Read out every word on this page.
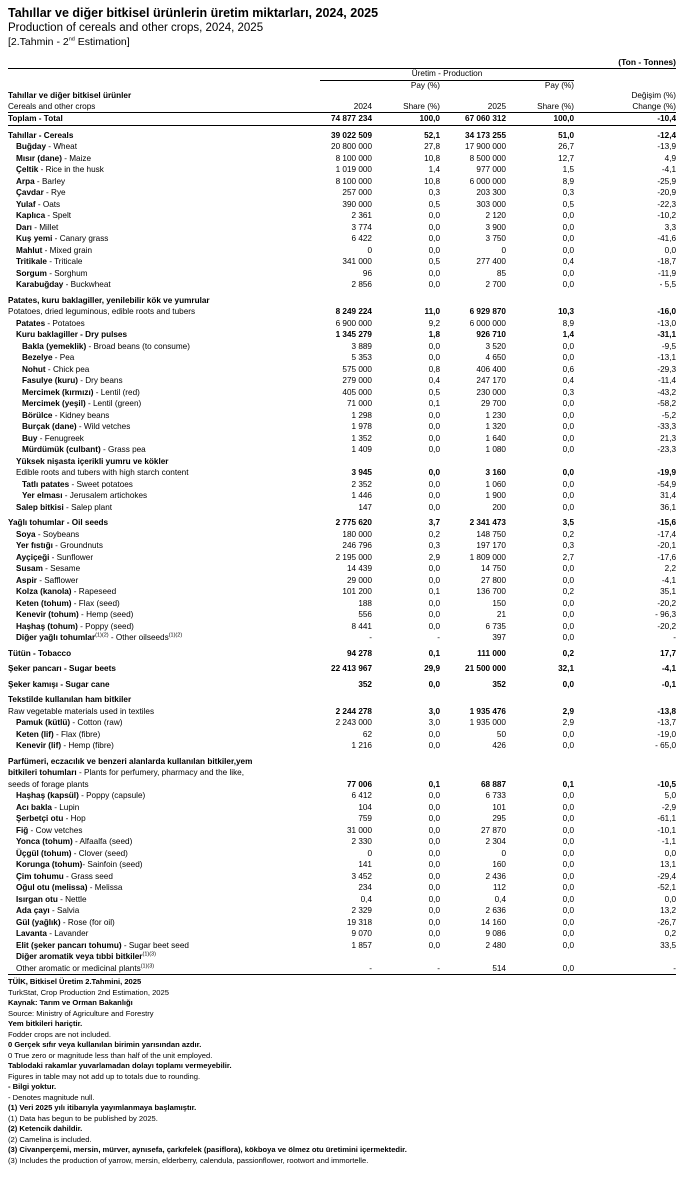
Tahıllar ve diğer bitkisel ürünlerin üretim miktarları, 2024, 2025
Production of cereals and other crops, 2024, 2025
[2.Tahmin - 2nd Estimation]
(Ton - Tonnes)
	Üretim - Production				
		Pay (%)		Pay (%)	
Tahıllar ve diğer bitkisel ürünler					Değişim (%)
Cereals and other crops	2024	Share (%)	2025	Share (%)	Change (%)
Toplam - Total	74 877 234	100,0	67 060 312	100,0	-10,4

Tahıllar - Cereals	39 022 509	52,1	34 173 255	51,0	-12,4
Buğday - Wheat	20 800 000	27,8	17 900 000	26,7	-13,9
Mısır (dane) - Maize	8 100 000	10,8	8 500 000	12,7	4,9
Çeltik - Rice in the husk	1 019 000	1,4	977 000	1,5	-4,1
Arpa - Barley	8 100 000	10,8	6 000 000	8,9	-25,9
Çavdar - Rye	257 000	0,3	203 300	0,3	-20,9
Yulaf - Oats	390 000	0,5	303 000	0,5	-22,3
Kaplıca - Spelt	2 361	0,0	2 120	0,0	-10,2
Darı - Millet	3 774	0,0	3 900	0,0	3,3
Kuş yemi - Canary grass	6 422	0,0	3 750	0,0	-41,6
Mahlut - Mixed grain	0	0,0	0	0,0	0,0
Tritikale - Triticale	341 000	0,5	277 400	0,4	-18,7
Sorgum - Sorghum	96	0,0	85	0,0	-11,9
Karabuğday - Buckwheat	2 856	0,0	2 700	0,0	- 5,5

Patates, kuru baklagiller, yenilebilir kök ve yumrular					
Potatoes, dried leguminous, edible roots and tubers	8 249 224	11,0	6 929 870	10,3	-16,0
Patates - Potatoes	6 900 000	9,2	6 000 000	8,9	-13,0
Kuru baklagiller - Dry pulses	1 345 279	1,8	926 710	1,4	-31,1
Bakla (yemeklik) - Broad beans (to consume)	3 889	0,0	3 520	0,0	-9,5
Bezelye - Pea	5 353	0,0	4 650	0,0	-13,1
Nohut - Chick pea	575 000	0,8	406 400	0,6	-29,3
Fasulye (kuru) - Dry beans	279 000	0,4	247 170	0,4	-11,4
Mercimek (kırmızı) - Lentil (red)	405 000	0,5	230 000	0,3	-43,2
Mercimek (yeşil) - Lentil (green)	71 000	0,1	29 700	0,0	-58,2
Börülce - Kidney beans	1 298	0,0	1 230	0,0	-5,2
Burçak (dane) - Wild vetches	1 978	0,0	1 320	0,0	-33,3
Buy - Fenugreek	1 352	0,0	1 640	0,0	21,3
Mürdümük (culbant) - Grass pea	1 409	0,0	1 080	0,0	-23,3
Yüksek nişasta içerikli yumru ve kökler					
Edible roots and tubers with high starch content	3 945	0,0	3 160	0,0	-19,9
Tatlı patates - Sweet potatoes	2 352	0,0	1 060	0,0	-54,9
Yer elması - Jerusalem artichokes	1 446	0,0	1 900	0,0	31,4
Salep bitkisi - Salep plant	147	0,0	200	0,0	36,1

Yağlı tohumlar - Oil seeds	2 775 620	3,7	2 341 473	3,5	-15,6
Soya - Soybeans	180 000	0,2	148 750	0,2	-17,4
Yer fıstığı - Groundnuts	246 796	0,3	197 170	0,3	-20,1
Ayçiçeği - Sunflower	2 195 000	2,9	1 809 000	2,7	-17,6
Susam - Sesame	14 439	0,0	14 750	0,0	2,2
Aspir - Safflower	29 000	0,0	27 800	0,0	-4,1
Kolza (kanola) - Rapeseed	101 200	0,1	136 700	0,2	35,1
Keten (tohum) - Flax (seed)	188	0,0	150	0,0	-20,2
Kenevir (tohum) - Hemp (seed)	556	0,0	21	0,0	- 96,3
Haşhaş (tohum) - Poppy (seed)	8 441	0,0	6 735	0,0	-20,2
Diğer yağlı tohumlar$^{(1)(2)}$ - Other oilseeds$^{(1)(2)}$	-	-	397	0,0	-

Tütün - Tobacco	94 278	0,1	111 000	0,2	17,7

Şeker pancarı - Sugar beets	22 413 967	29,9	21 500 000	32,1	-4,1

Şeker kamışı - Sugar cane	352	0,0	352	0,0	-0,1

Tekstilde kullanılan ham bitkiler					
Raw vegetable materials used in textiles	2 244 278	3,0	1 935 476	2,9	-13,8
Pamuk (kütlü) - Cotton (raw)	2 243 000	3,0	1 935 000	2,9	-13,7
Keten (lif) - Flax (fibre)	62	0,0	50	0,0	-19,0
Kenevir (lif) - Hemp (fibre)	1 216	0,0	426	0,0	- 65,0

Parfümeri, eczacılık ve benzeri alanlarda kullanılan bitkiler,yem					
bitkileri tohumları - Plants for perfumery, pharmacy and the like,					
seeds of forage plants	77 006	0,1	68 887	0,1	-10,5
Haşhaş (kapsül) - Poppy (capsule)	6 412	0,0	6 733	0,0	5,0
Acı bakla - Lupin	104	0,0	101	0,0	-2,9
Şerbetçi otu - Hop	759	0,0	295	0,0	-61,1
Fiğ - Cow vetches	31 000	0,0	27 870	0,0	-10,1
Yonca (tohum) - Alfaalfa (seed)	2 330	0,0	2 304	0,0	-1,1
Üçgül (tohum) - Clover (seed)	0	0,0	0	0,0	0,0
Korunga (tohum)- Sainfoin (seed)	141	0,0	160	0,0	13,1
Çim tohumu - Grass seed	3 452	0,0	2 436	0,0	-29,4
Oğul otu (melissa) - Melissa	234	0,0	112	0,0	-52,1
Isırgan otu - Nettle	0,4	0,0	0,4	0,0	0,0
Ada çayı - Salvia	2 329	0,0	2 636	0,0	13,2
Gül (yağlık) - Rose (for oil)	19 318	0,0	14 160	0,0	-26,7
Lavanta - Lavander	9 070	0,0	9 086	0,0	0,2
Elit (şeker pancarı tohumu) - Sugar beet seed	1 857	0,0	2 480	0,0	33,5
Diğer aromatik veya tıbbi bitkiler$^{(1)(3)}$					
Other aromatic or medicinal plants$^{(1)(3)}$	-	-	514	0,0	-
TÜİK, Bitkisel Üretim 2.Tahmini, 2025
TurkStat, Crop Production 2nd Estimation, 2025
Kaynak: Tarım ve Orman Bakanlığı
Source: Ministry of Agriculture and Forestry
Yem bitkileri hariçtir.
Fodder crops are not included.
0 Gerçek sıfır veya kullanılan birimin yarısından azdır.
0 True zero or magnitude less than half of the unit employed.
Tablodaki rakamlar yuvarlamadan dolayı toplamı vermeyebilir.
Figures in table may not add up to totals due to rounding.
- Bilgi yoktur.
- Denotes magnitude null.
(1) Veri 2025 yılı itibarıyla yayımlanmaya başlamıştır.
(1) Data has begun to be published by 2025.
(2) Ketencik dahildir.
(2) Camelina is included.
(3) Civanperçemi, mersin, mürver, aynısefa, çarkıfelek (pasiflora), kökboya ve ölmez otu üretimini içermektedir.
(3) Includes the production of yarrow, mersin, elderberry, calendula, passionflower, rootwort and immortelle.
